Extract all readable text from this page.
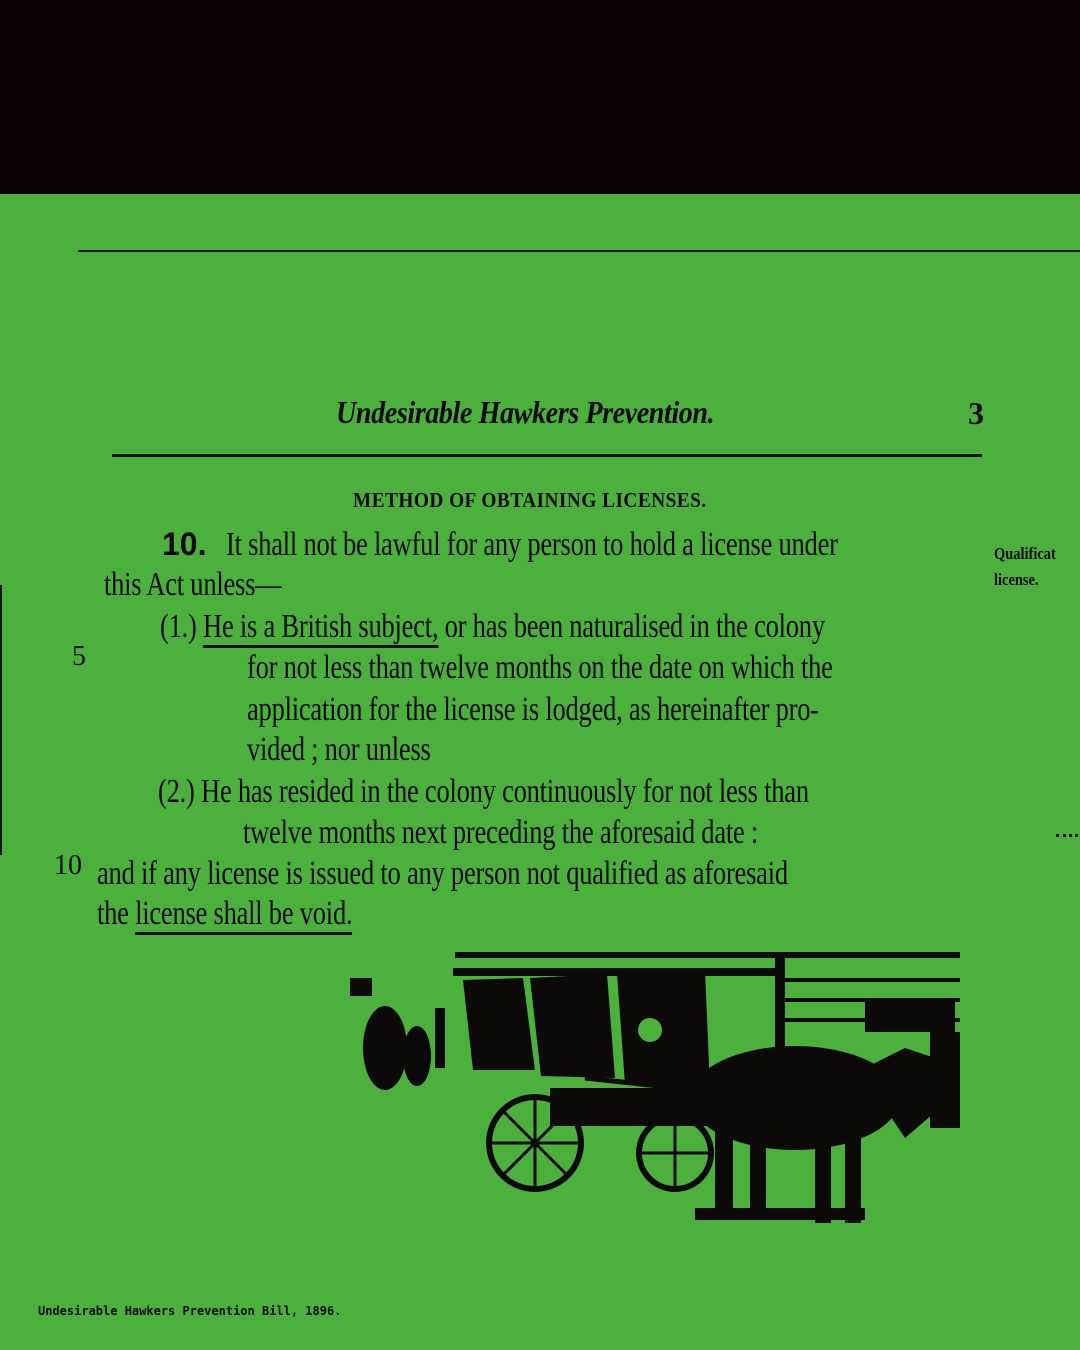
Undesirable Hawkers Prevention.	3
METHOD OF OBTAINING LICENSES.
Qualificat
license.
5
10
10. It shall not be lawful for any person to hold a license under
this Act unless—
(1.) He is a British subject, or has been naturalised in the colony
for not less than twelve months on the date on which the
application for the license is lodged, as hereinafter pro-
vided ; nor unless
(2.) He has resided in the colony continuously for not less than
twelve months next preceding the aforesaid date :
and if any license is issued to any person not qualified as aforesaid
the license shall be void.
Undesirable Hawkers Prevention Bill, 1896.
